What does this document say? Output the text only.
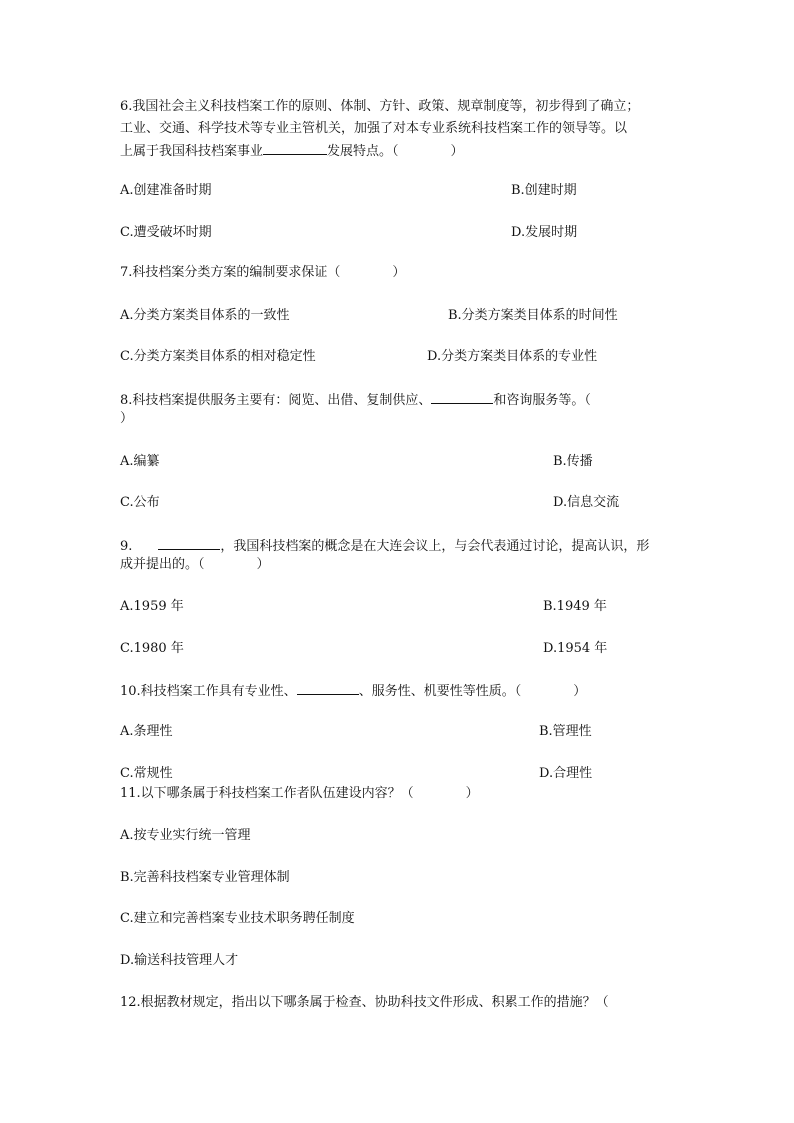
6.我国社会主义科技档案工作的原则、体制、方针、政策、规章制度等，初步得到了确立；
工业、交通、科学技术等专业主管机关，加强了对本专业系统科技档案工作的领导等。以
上属于我国科技档案事业	发展特点。（　　　　）
A.创建准备时期	B.创建时期
C.遭受破坏时期	D.发展时期
7.科技档案分类方案的编制要求保证（　　　　）
A.分类方案类目体系的一致性	B.分类方案类目体系的时间性
C.分类方案类目体系的相对稳定性	D.分类方案类目体系的专业性
8.科技档案提供服务主要有：阅览、出借、复制供应、	和咨询服务等。（
）
A.编纂	B.传播
C.公布	D.信息交流
9.　　	，我国科技档案的概念是在大连会议上，与会代表通过讨论，提高认识，形
成并提出的。（　　　　）
A.1959 年	B.1949 年
C.1980 年	D.1954 年
10.科技档案工作具有专业性、	、服务性、机要性等性质。（　　　　）
A.条理性	B.管理性
C.常规性	D.合理性
11.以下哪条属于科技档案工作者队伍建设内容？（　　　　）
A.按专业实行统一管理
B.完善科技档案专业管理体制
C.建立和完善档案专业技术职务聘任制度
D.输送科技管理人才
12.根据教材规定，指出以下哪条属于检查、协助科技文件形成、积累工作的措施？（
